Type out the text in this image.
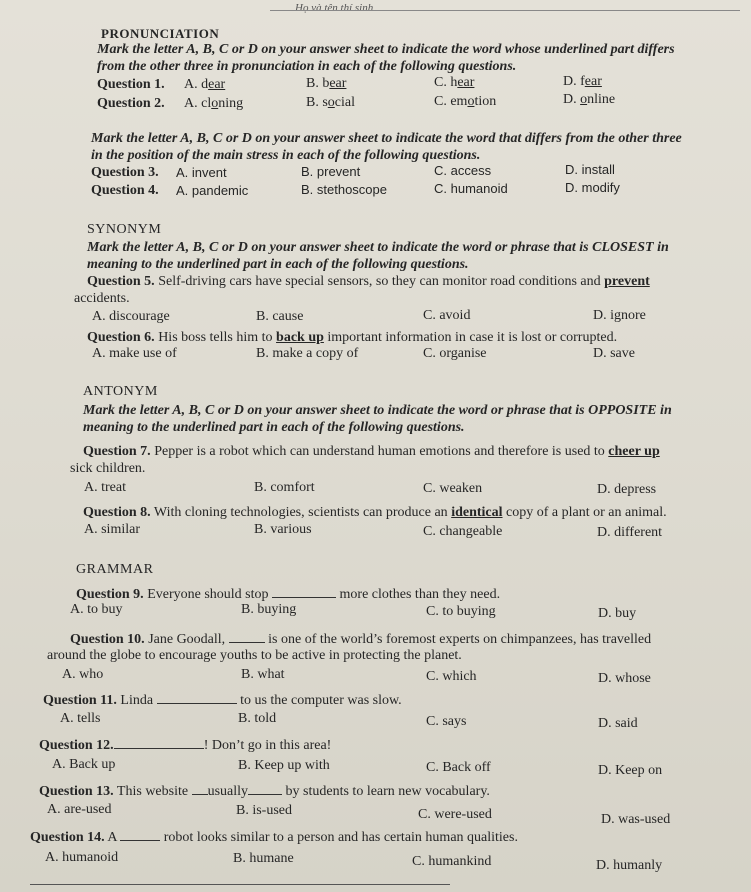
Họ và tên thí sinh
PRONUNCIATION
Mark the letter A, B, C or D on your answer sheet to indicate the word whose underlined part differs
from the other three in pronunciation in each of the following questions.
Question 1. A. dear	B. bear	C. hear	D. fear
Question 2. A. cloning	B. social	C. emotion	D. online
Mark the letter A, B, C or D on your answer sheet to indicate the word that differs from the other three
in the position of the main stress in each of the following questions.
Question 3. A. invent	B. prevent	C. access	D. install
Question 4. A. pandemic	B. stethoscope	C. humanoid	D. modify
SYNONYM
Mark the letter A, B, C or D on your answer sheet to indicate the word or phrase that is CLOSEST in
meaning to the underlined part in each of the following questions.
Question 5. Self-driving cars have special sensors, so they can monitor road conditions and prevent
accidents.
A. discourage	B. cause	C. avoid	D. ignore
Question 6. His boss tells him to back up important information in case it is lost or corrupted.
A. make use of	B. make a copy of	C. organise	D. save
ANTONYM
Mark the letter A, B, C or D on your answer sheet to indicate the word or phrase that is OPPOSITE in
meaning to the underlined part in each of the following questions.
Question 7. Pepper is a robot which can understand human emotions and therefore is used to cheer up
sick children.
A. treat	B. comfort	C. weaken	D. depress
Question 8. With cloning technologies, scientists can produce an identical copy of a plant or an animal.
A. similar	B. various	C. changeable	D. different
GRAMMAR
Question 9. Everyone should stop	more clothes than they need.
A. to buy	B. buying	C. to buying	D. buy
Question 10. Jane Goodall,	is one of the world’s foremost experts on chimpanzees, has travelled
around the globe to encourage youths to be active in protecting the planet.
A. who	B. what	C. which	D. whose
Question 11. Linda	to us the computer was slow.
A. tells	B. told	C. says	D. said
Question 12.	! Don’t go in this area!
A. Back up	B. Keep up with	C. Back off	D. Keep on
Question 13. This website usually by students to learn new vocabulary.
A. are-used	B. is-used	C. were-used	D. was-used
Question 14. A	robot looks similar to a person and has certain human qualities.
A. humanoid	B. humane	C. humankind	D. humanly
